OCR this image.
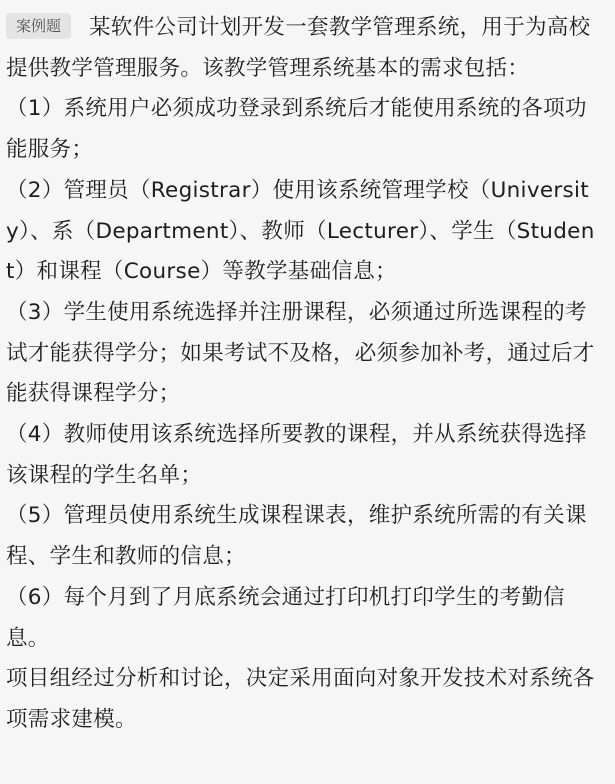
案例题 某软件公司计划开发一套教学管理系统，用于为高校提供教学管理服务。该教学管理系统基本的需求包括：

（1）系统用户必须成功登录到系统后才能使用系统的各项功能服务；

（2）管理员（Registrar）使用该系统管理学校（University）、系（Department）、教师（Lecturer）、学生（Student）和课程（Course）等教学基础信息；

（3）学生使用系统选择并注册课程，必须通过所选课程的考试才能获得学分；如果考试不及格，必须参加补考，通过后才能获得课程学分；

（4）教师使用该系统选择所要教的课程，并从系统获得选择该课程的学生名单；

（5）管理员使用系统生成课程课表，维护系统所需的有关课程、学生和教师的信息；

（6）每个月到了月底系统会通过打印机打印学生的考勤信息。

项目组经过分析和讨论，决定采用面向对象开发技术对系统各项需求建模。
